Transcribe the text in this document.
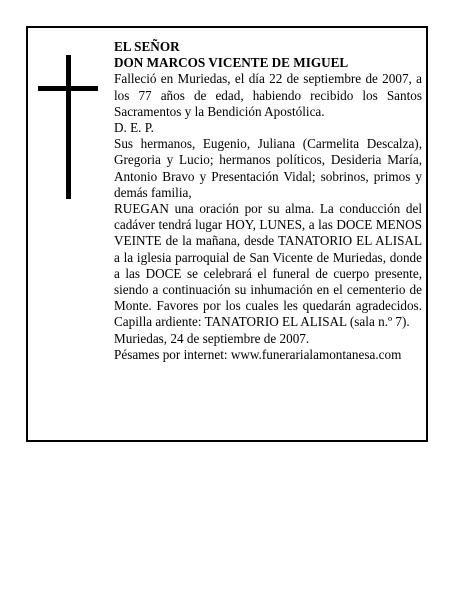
EL SEÑOR

DON MARCOS VICENTE DE MIGUEL

Falleció en Muriedas, el día 22 de septiembre de 2007, a los 77 años de edad, habiendo recibido los Santos Sacramentos y la Bendición Apostólica.

D. E. P.

Sus hermanos, Eugenio, Juliana (Carmelita Descalza), Gregoria y Lucio; hermanos políticos, Desideria María, Antonio Bravo y Presentación Vidal; sobrinos, primos y demás familia,

RUEGAN una oración por su alma. La conducción del cadáver tendrá lugar HOY, LUNES, a las DOCE MENOS VEINTE de la mañana, desde TANATORIO EL ALISAL a la iglesia parroquial de San Vicente de Muriedas, donde a las DOCE se celebrará el funeral de cuerpo presente, siendo a continuación su inhumación en el cementerio de Monte. Favores por los cuales les quedarán agradecidos. Capilla ardiente: TANATORIO EL ALISAL (sala n.º 7).

Muriedas, 24 de septiembre de 2007.

Pésames por internet: www.funerarialamontanesa.com
